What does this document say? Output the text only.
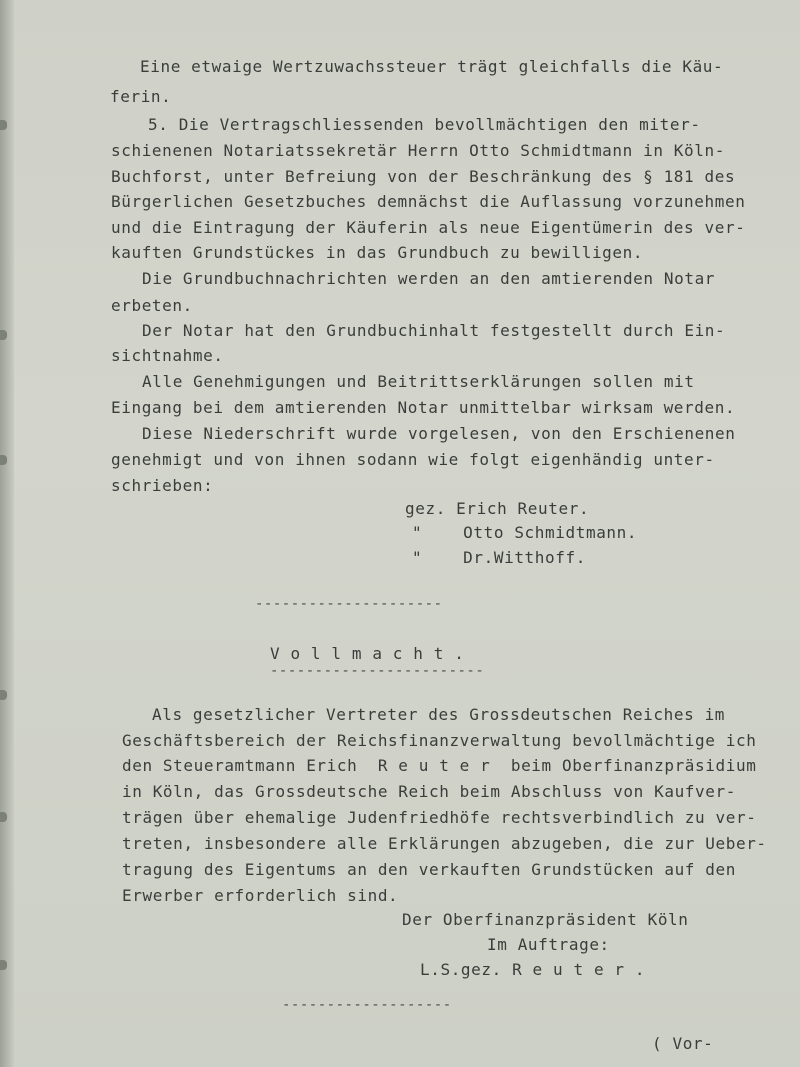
Eine etwaige Wertzuwachssteuer trägt gleichfalls die Käu-
ferin.
5. Die Vertragschliessenden bevollmächtigen den miter-
schienenen Notariatssekretär Herrn Otto Schmidtmann in Köln-
Buchforst, unter Befreiung von der Beschränkung des § 181 des
Bürgerlichen Gesetzbuches demnächst die Auflassung vorzunehmen
und die Eintragung der Käuferin als neue Eigentümerin des ver-
kauften Grundstückes in das Grundbuch zu bewilligen.
Die Grundbuchnachrichten werden an den amtierenden Notar
erbeten.
Der Notar hat den Grundbuchinhalt festgestellt durch Ein-
sichtnahme.
Alle Genehmigungen und Beitrittserklärungen sollen mit
Eingang bei dem amtierenden Notar unmittelbar wirksam werden.
Diese Niederschrift wurde vorgelesen, von den Erschienenen
genehmigt und von ihnen sodann wie folgt eigenhändig unter-
schrieben:
gez. Erich Reuter.
"    Otto Schmidtmann.
"    Dr.Witthoff.
---------------------
V o l l m a c h t .
------------------------
Als gesetzlicher Vertreter des Grossdeutschen Reiches im
Geschäftsbereich der Reichsfinanzverwaltung bevollmächtige ich
den Steueramtmann Erich  R e u t e r  beim Oberfinanzpräsidium
in Köln, das Grossdeutsche Reich beim Abschluss von Kaufver-
trägen über ehemalige Judenfriedhöfe rechtsverbindlich zu ver-
treten, insbesondere alle Erklärungen abzugeben, die zur Ueber-
tragung des Eigentums an den verkauften Grundstücken auf den
Erwerber erforderlich sind.
Der Oberfinanzpräsident Köln
Im Auftrage:
L.S.gez. R e u t e r .
-------------------
( Vor-
